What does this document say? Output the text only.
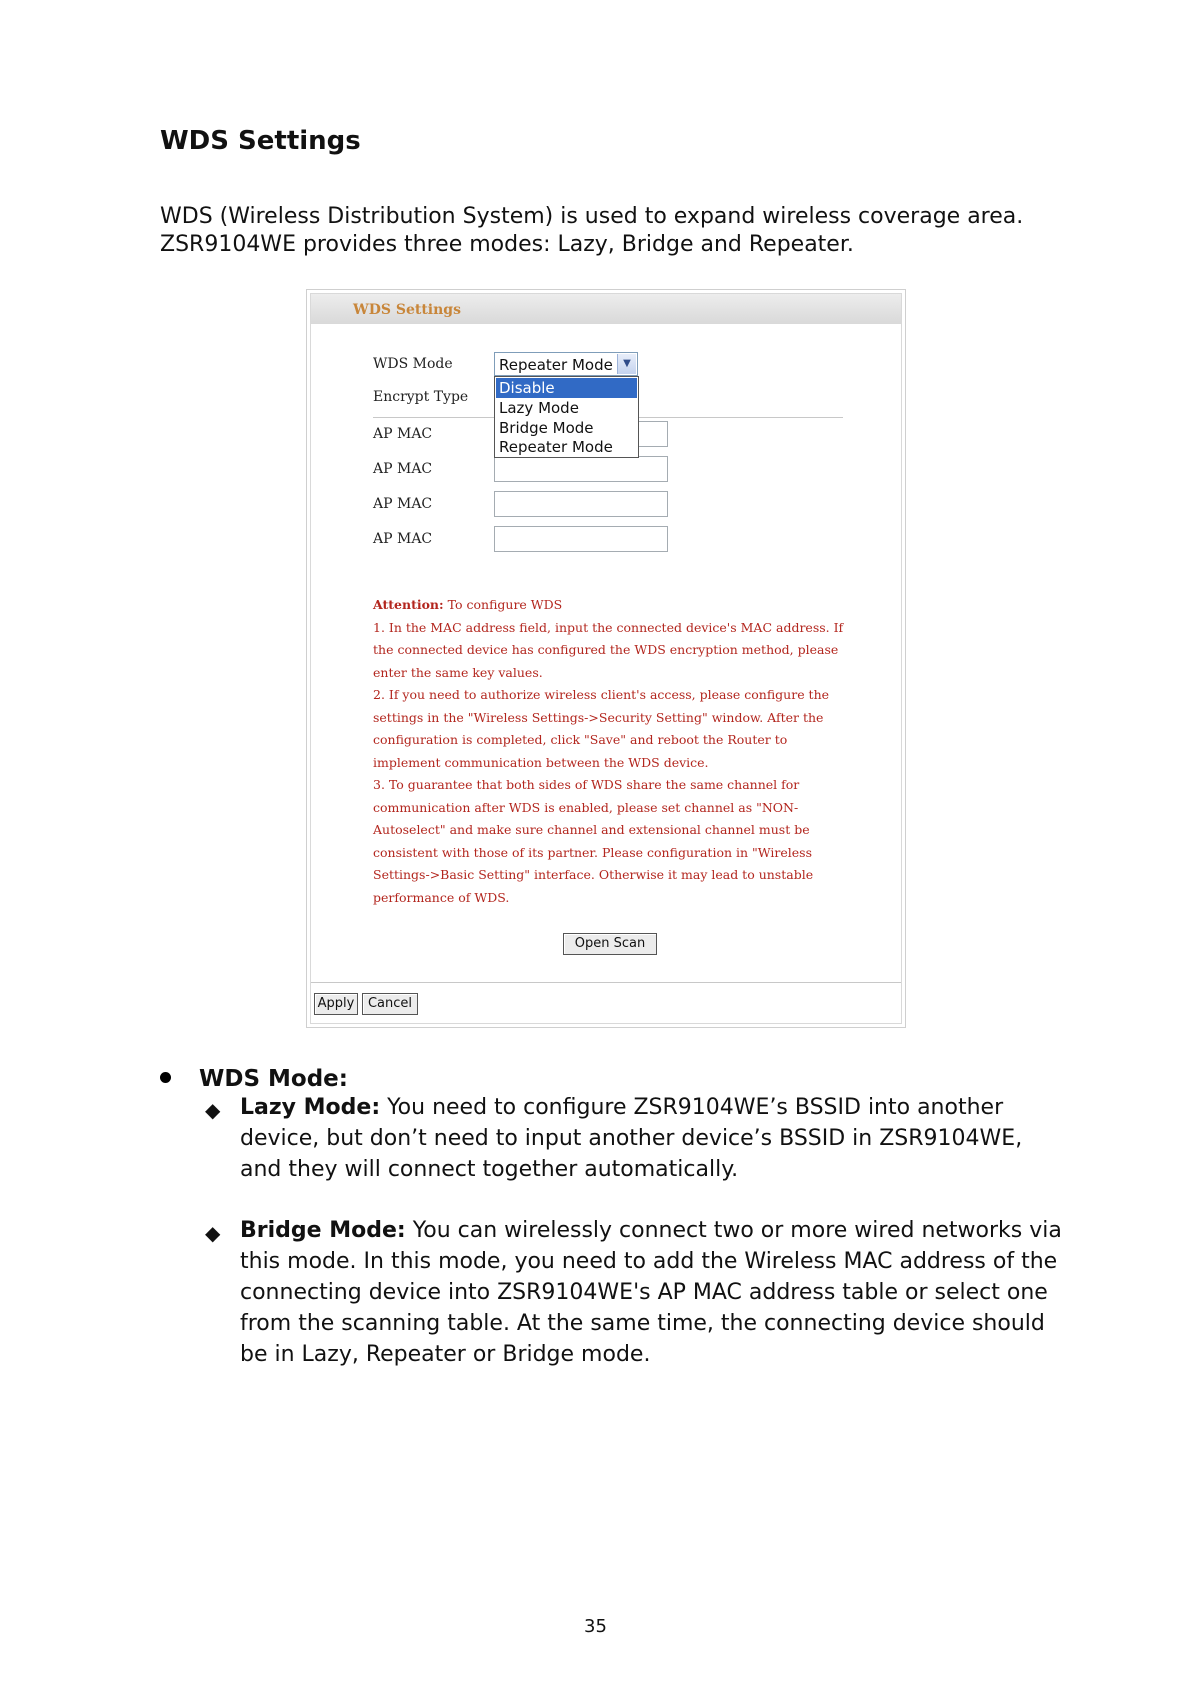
WDS Settings

WDS (Wireless Distribution System) is used to expand wireless coverage area. ZSR9104WE provides three modes: Lazy, Bridge and Repeater.

WDS Settings
WDS Mode	Repeater Mode	▼
Disable
Lazy Mode
Bridge Mode
Repeater Mode
Encrypt Type
AP MAC
AP MAC
AP MAC
AP MAC

Attention: To configure WDS

1. In the MAC address field, input the connected device's MAC address. If the connected device has configured the WDS encryption method, please enter the same key values.

2. If you need to authorize wireless client's access, please configure the settings in the "Wireless Settings->Security Setting" window. After the configuration is completed, click "Save" and reboot the Router to implement communication between the WDS device.

3. To guarantee that both sides of WDS share the same channel for communication after WDS is enabled, please set channel as "NON-Autoselect" and make sure channel and extensional channel must be consistent with those of its partner. Please configuration in "Wireless Settings->Basic Setting" interface. Otherwise it may lead to unstable performance of WDS.

Open Scan
Apply	Cancel
WDS Mode:
◆ Lazy Mode: You need to configure ZSR9104WE’s BSSID into another device, but don’t need to input another device’s BSSID in ZSR9104WE, and they will connect together automatically.
◆ Bridge Mode: You can wirelessly connect two or more wired networks via this mode. In this mode, you need to add the Wireless MAC address of the connecting device into ZSR9104WE's AP MAC address table or select one from the scanning table. At the same time, the connecting device should be in Lazy, Repeater or Bridge mode.
35
